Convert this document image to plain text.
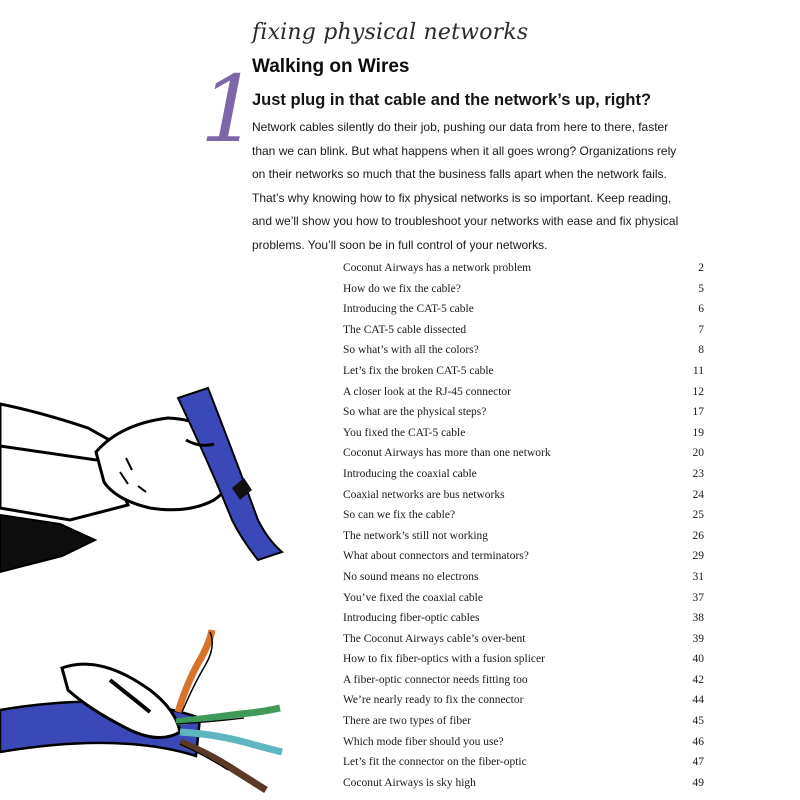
fixing physical networks
1
Walking on Wires
Just plug in that cable and the network’s up, right?

Network cables silently do their job, pushing our data from here to there, faster
than we can blink. But what happens when it all goes wrong? Organizations rely
on their networks so much that the business falls apart when the network fails.
That’s why knowing how to fix physical networks is so important. Keep reading,
and we’ll show you how to troubleshoot your networks with ease and fix physical
problems. You’ll soon be in full control of your networks.

Coconut Airways has a network problem	2
How do we fix the cable?	5
Introducing the CAT-5 cable	6
The CAT-5 cable dissected	7
So what’s with all the colors?	8
Let’s fix the broken CAT-5 cable	11
A closer look at the RJ-45 connector	12
So what are the physical steps?	17
You fixed the CAT-5 cable	19
Coconut Airways has more than one network	20
Introducing the coaxial cable	23
Coaxial networks are bus networks	24
So can we fix the cable?	25
The network’s still not working	26
What about connectors and terminators?	29
No sound means no electrons	31
You’ve fixed the coaxial cable	37
Introducing fiber-optic cables	38
The Coconut Airways cable’s over-bent	39
How to fix fiber-optics with a fusion splicer	40
A fiber-optic connector needs fitting too	42
We’re nearly ready to fix the connector	44
There are two types of fiber	45
Which mode fiber should you use?	46
Let’s fit the connector on the fiber-optic	47
Coconut Airways is sky high	49
